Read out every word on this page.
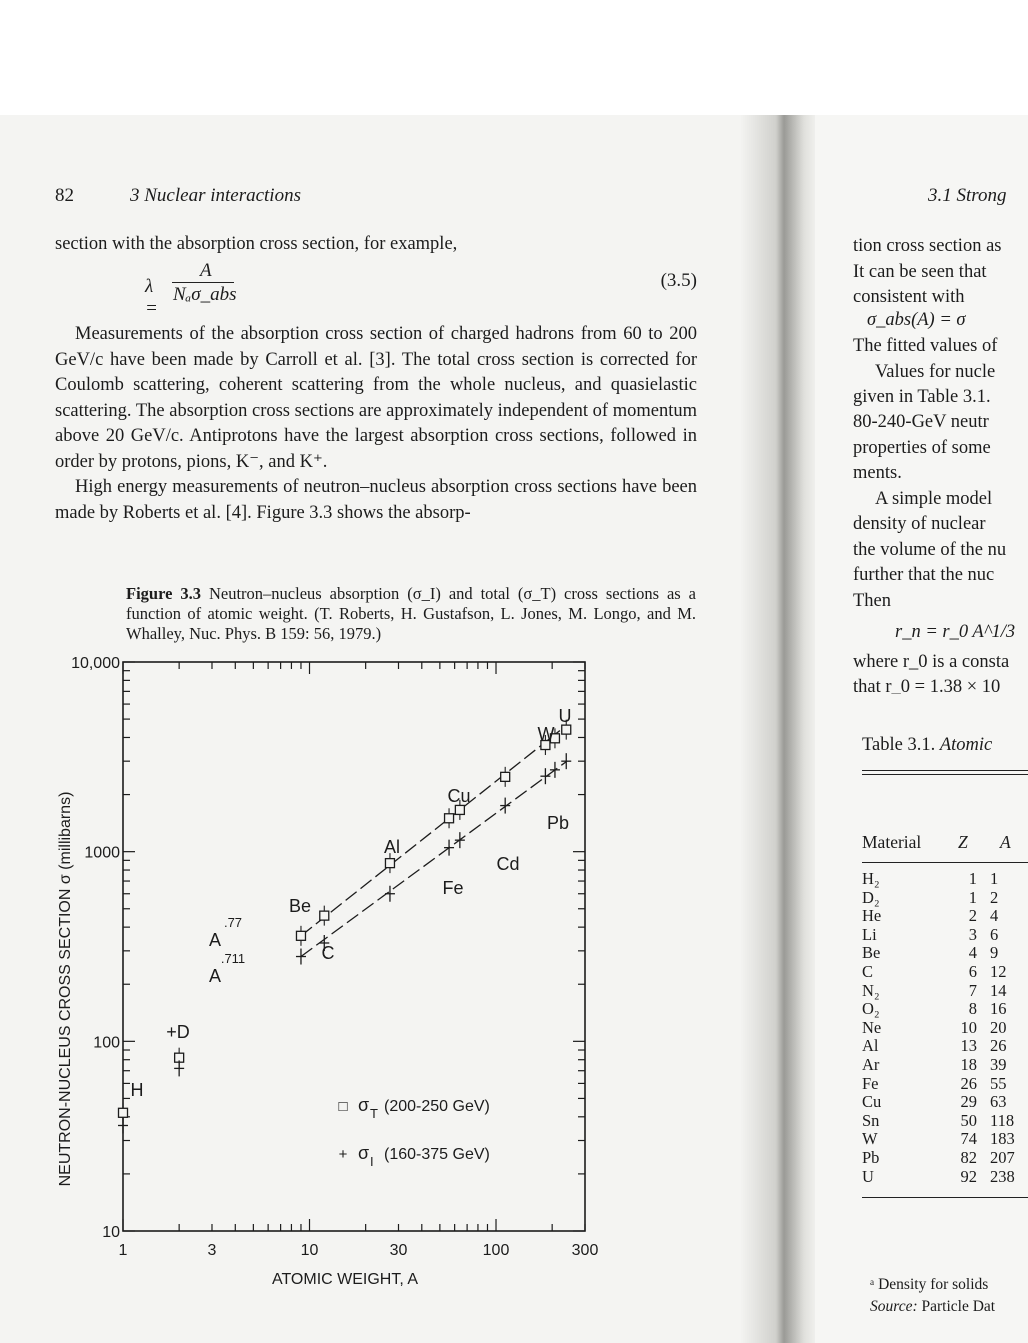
82	3 Nuclear interactions	3.1 Strong

section with the absorption cross section, for example,

λ =
A
Nₐσ_abs
(3.5)

Measurements of the absorption cross section of charged hadrons from 60 to 200 GeV/c have been made by Carroll et al. [3]. The total cross section is corrected for Coulomb scattering, coherent scattering from the whole nucleus, and quasielastic scattering. The absorption cross sections are approximately independent of momentum above 20 GeV/c. Antiprotons have the largest absorption cross sections, followed in order by protons, pions, K⁻, and K⁺.

High energy measurements of neutron–nucleus absorption cross sections have been made by Roberts et al. [4]. Figure 3.3 shows the absorp-

Figure 3.3 Neutron–nucleus absorption (σ_I) and total (σ_T) cross sections as a function of atomic weight. (T. Roberts, H. Gustafson, L. Jones, M. Longo, and M. Whalley, Nuc. Phys. B 159: 56, 1979.)
1	3	10	30	100	300
10
100
1000
10,000
H
+D
Be
C
Al
Fe
Cu
Cd
W
Pb
U
A
.77
A
.711
□ σ T (200-250 GeV)
+ σ I (160-375 GeV)
ATOMIC WEIGHT, A
NEUTRON-NUCLEUS CROSS SECTION σ (millibarns)
tion cross section as
It can be seen that
consistent with
σ_abs(A) = σ
The fitted values of
Values for nucle
given in Table 3.1.
80-240-GeV neutr
properties of some
ments.
A simple model
density of nuclear
the volume of the nu
further that the nuc
Then
r_n = r_0 A^1/3
where r_0 is a consta
that r_0 = 1.38 × 10
Table 3.1. Atomic
Material Z A
H₂	1 1
D₂	1 2
He	2 4
Li	3 6
Be	4 9
C	6 12
N₂	7 14
O₂	8 16
Ne	10 20
Al	13 26
Ar	18 39
Fe	26 55
Cu	29 63
Sn	50 118
W	74 183
Pb	82 207
U	92 238
ᵃ Density for solids
Source: Particle Dat
